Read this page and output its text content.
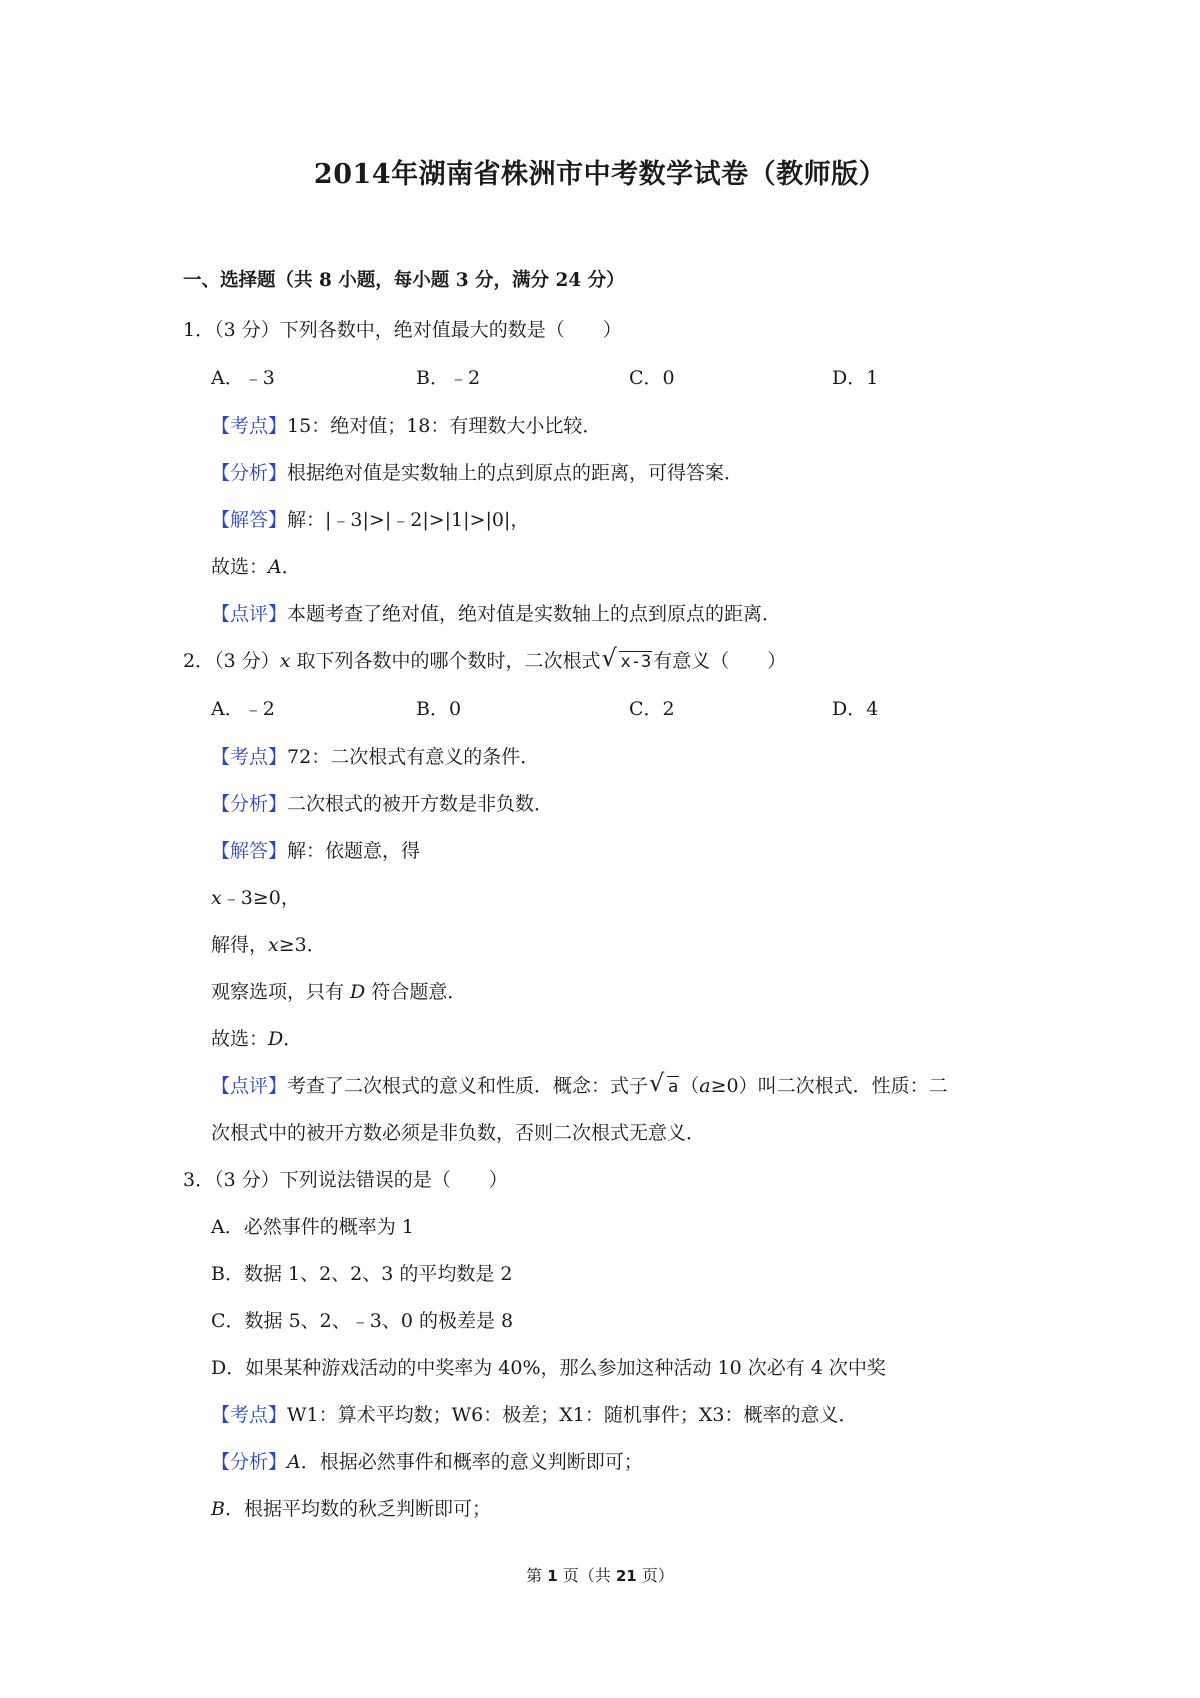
2014年湖南省株洲市中考数学试卷（教师版）
一、选择题（共 8 小题，每小题 3 分，满分 24 分）
1．（3 分）下列各数中，绝对值最大的数是（　　）
A．﹣3	B．﹣2	C．0	D．1
【考点】15：绝对值；18：有理数大小比较．
【分析】根据绝对值是实数轴上的点到原点的距离，可得答案．
【解答】解：|﹣3|>|﹣2|>|1|>|0|，
故选：A．
【点评】本题考查了绝对值，绝对值是实数轴上的点到原点的距离．
2．（3 分）x 取下列各数中的哪个数时，二次根式 √ x-3 有意义（　　）
A．﹣2	B．0	C．2	D．4
【考点】72：二次根式有意义的条件．
【分析】二次根式的被开方数是非负数．
【解答】解：依题意，得
x﹣3≥0，
解得，x≥3．
观察选项，只有 D 符合题意．
故选：D．
【点评】考查了二次根式的意义和性质．概念：式子 √ a （a≥0）叫二次根式．性质：二
次根式中的被开方数必须是非负数，否则二次根式无意义．
3．（3 分）下列说法错误的是（　　）
A．必然事件的概率为 1
B．数据 1、2、2、3 的平均数是 2
C．数据 5、2、﹣3、0 的极差是 8
D．如果某种游戏活动的中奖率为 40%，那么参加这种活动 10 次必有 4 次中奖
【考点】W1：算术平均数；W6：极差；X1：随机事件；X3：概率的意义．
【分析】A．根据必然事件和概率的意义判断即可；
B．根据平均数的秋乏判断即可；
第 1 页（共 21 页）
